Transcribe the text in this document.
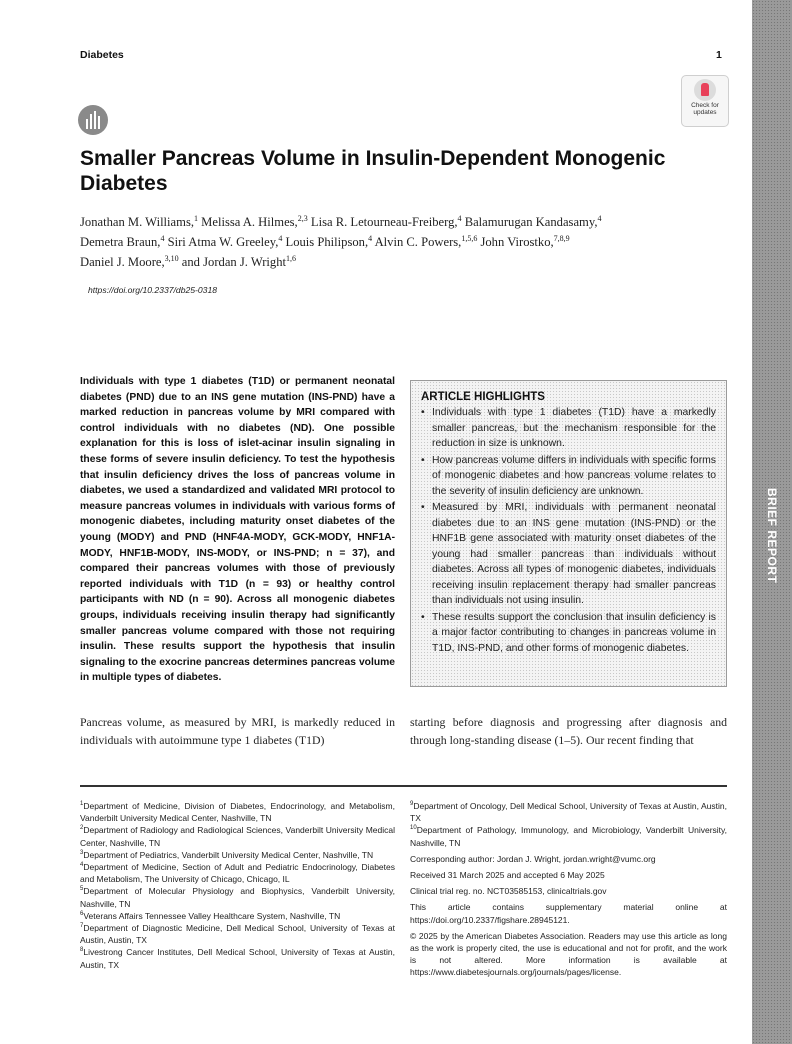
Diabetes	1
Check for
updates
Smaller Pancreas Volume in Insulin-Dependent Monogenic Diabetes
Jonathan M. Williams,$^1$ Melissa A. Hilmes,$^{2,3}$ Lisa R. Letourneau-Freiberg,$^4$ Balamurugan Kandasamy,$^4$
Demetra Braun,$^4$ Siri Atma W. Greeley,$^4$ Louis Philipson,$^4$ Alvin C. Powers,$^{1,5,6}$ John Virostko,$^{7,8,9}$
Daniel J. Moore,$^{3,10}$ and Jordan J. Wright$^{1,6}$
https://doi.org/10.2337/db25-0318

Individuals with type 1 diabetes (T1D) or permanent neonatal diabetes (PND) due to an INS gene mutation (INS-PND) have a marked reduction in pancreas volume by MRI compared with control individuals with no diabetes (ND). One possible explanation for this is loss of islet-acinar insulin signaling in these forms of severe insulin deficiency. To test the hypothesis that insulin deficiency drives the loss of pancreas volume in diabetes, we used a standardized and validated MRI protocol to measure pancreas volumes in individuals with various forms of monogenic diabetes, including maturity onset diabetes of the young (MODY) and PND (HNF4A-MODY, GCK-MODY, HNF1A-MODY, HNF1B-MODY, INS-MODY, or INS-PND; n = 37), and compared their pancreas volumes with those of previously reported individuals with T1D (n = 93) or healthy control participants with ND (n = 90). Across all monogenic diabetes groups, individuals receiving insulin therapy had significantly smaller pancreas volume compared with those not requiring insulin. These results support the hypothesis that insulin signaling to the exocrine pancreas determines pancreas volume in multiple types of diabetes.

ARTICLE HIGHLIGHTS
• Individuals with type 1 diabetes (T1D) have a markedly smaller pancreas, but the mechanism responsible for the reduction in size is unknown.
• How pancreas volume differs in individuals with specific forms of monogenic diabetes and how pancreas volume relates to the severity of insulin deficiency are unknown.
• Measured by MRI, individuals with permanent neonatal diabetes due to an INS gene mutation (INS-PND) or the HNF1B gene associated with maturity onset diabetes of the young had smaller pancreas than individuals without diabetes. Across all types of monogenic diabetes, individuals receiving insulin replacement therapy had smaller pancreas than individuals not using insulin.
• These results support the conclusion that insulin deficiency is a major factor contributing to changes in pancreas volume in T1D, INS-PND, and other forms of monogenic diabetes.

Pancreas volume, as measured by MRI, is markedly reduced in individuals with autoimmune type 1 diabetes (T1D)

starting before diagnosis and progressing after diagnosis and through long-standing disease (1–5). Our recent finding that

$^1$Department of Medicine, Division of Diabetes, Endocrinology, and Metabolism, Vanderbilt University Medical Center, Nashville, TN
$^2$Department of Radiology and Radiological Sciences, Vanderbilt University Medical Center, Nashville, TN
$^3$Department of Pediatrics, Vanderbilt University Medical Center, Nashville, TN
$^4$Department of Medicine, Section of Adult and Pediatric Endocrinology, Diabetes and Metabolism, The University of Chicago, Chicago, IL
$^5$Department of Molecular Physiology and Biophysics, Vanderbilt University, Nashville, TN
$^6$Veterans Affairs Tennessee Valley Healthcare System, Nashville, TN
$^7$Department of Diagnostic Medicine, Dell Medical School, University of Texas at Austin, Austin, TX
$^8$Livestrong Cancer Institutes, Dell Medical School, University of Texas at Austin, Austin, TX
$^9$Department of Oncology, Dell Medical School, University of Texas at Austin, Austin, TX
$^{10}$Department of Pathology, Immunology, and Microbiology, Vanderbilt University, Nashville, TN
Corresponding author: Jordan J. Wright, jordan.wright@vumc.org
Received 31 March 2025 and accepted 6 May 2025
Clinical trial reg. no. NCT03585153, clinicaltrials.gov
This article contains supplementary material online at https://doi.org/10.2337/figshare.28945121.
© 2025 by the American Diabetes Association. Readers may use this article as long as the work is properly cited, the use is educational and not for profit, and the work is not altered. More information is available at https://www.diabetesjournals.org/journals/pages/license.
BRIEF REPORT
